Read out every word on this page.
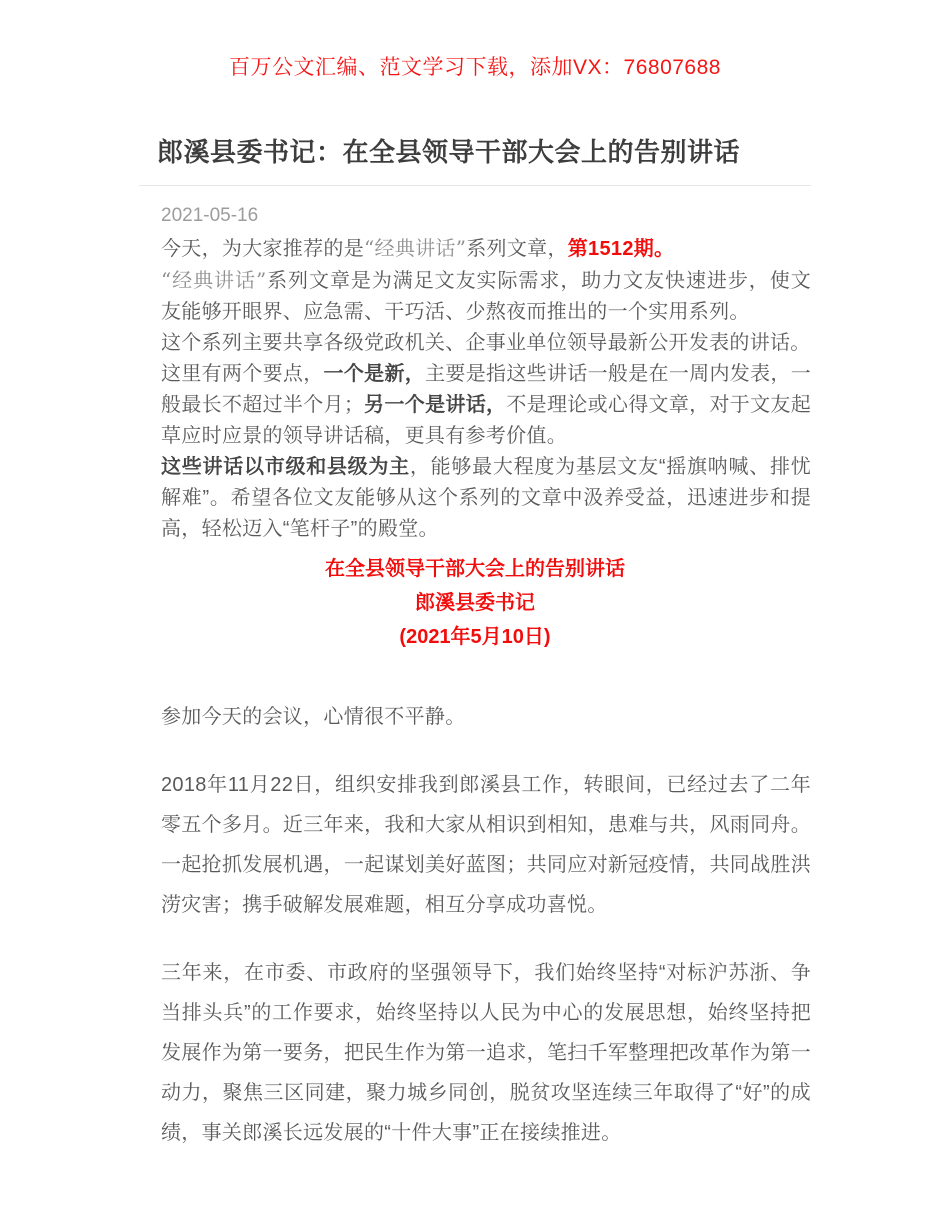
百万公文汇编、范文学习下载，添加VX：76807688
郎溪县委书记：在全县领导干部大会上的告别讲话
2021-05-16

今天，为大家推荐的是“经典讲话”系列文章，第1512期。

“经典讲话”系列文章是为满足文友实际需求，助力文友快速进步，使文友能够开眼界、应急需、干巧活、少熬夜而推出的一个实用系列。

这个系列主要共享各级党政机关、企事业单位领导最新公开发表的讲话。

这里有两个要点，一个是新，主要是指这些讲话一般是在一周内发表，一般最长不超过半个月；另一个是讲话，不是理论或心得文章，对于文友起草应时应景的领导讲话稿，更具有参考价值。

这些讲话以市级和县级为主，能够最大程度为基层文友“摇旗呐喊、排忧解难”。希望各位文友能够从这个系列的文章中汲养受益，迅速进步和提高，轻松迈入“笔杆子”的殿堂。

在全县领导干部大会上的告别讲话

郎溪县委书记

(2021年5月10日)

参加今天的会议，心情很不平静。

2018年11月22日，组织安排我到郎溪县工作，转眼间，已经过去了二年零五个多月。近三年来，我和大家从相识到相知，患难与共，风雨同舟。一起抢抓发展机遇，一起谋划美好蓝图；共同应对新冠疫情，共同战胜洪涝灾害；携手破解发展难题，相互分享成功喜悦。

三年来，在市委、市政府的坚强领导下，我们始终坚持“对标沪苏浙、争当排头兵”的工作要求，始终坚持以人民为中心的发展思想，始终坚持把发展作为第一要务，把民生作为第一追求，笔扫千军整理把改革作为第一动力，聚焦三区同建，聚力城乡同创，脱贫攻坚连续三年取得了“好”的成绩，事关郎溪长远发展的“十件大事”正在接续推进。
